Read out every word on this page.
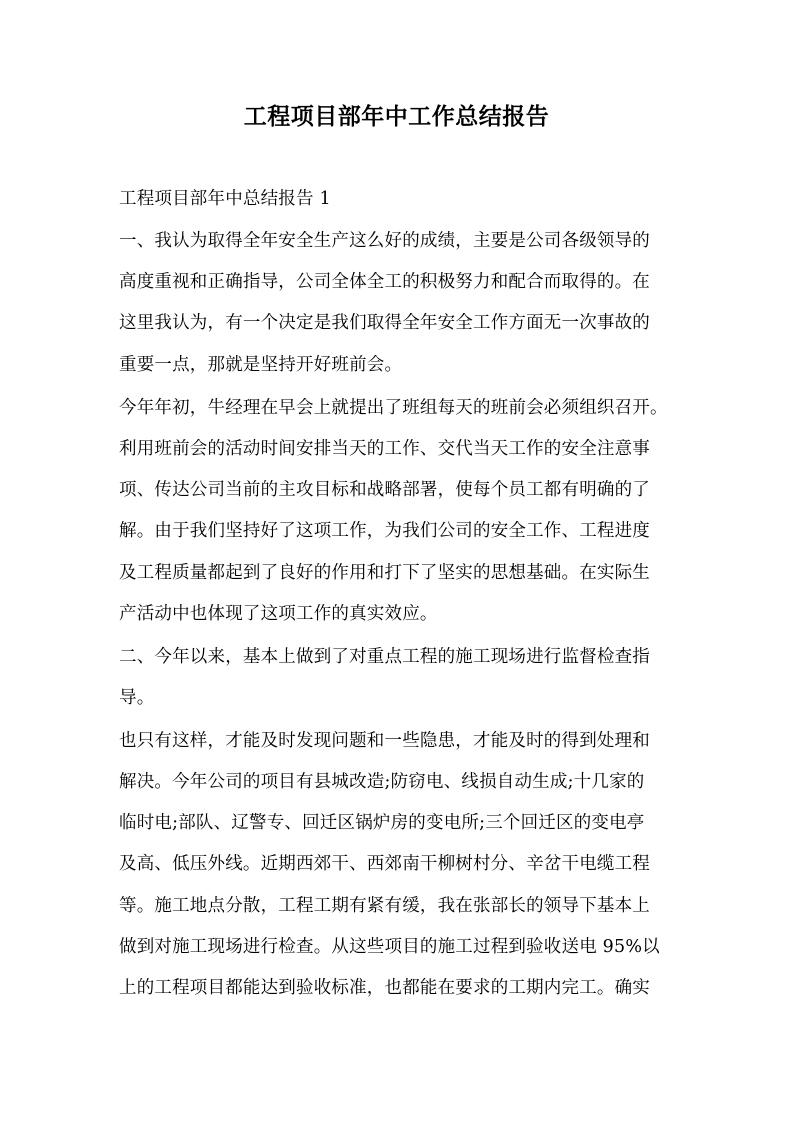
工程项目部年中工作总结报告
工程项目部年中总结报告 1
一、我认为取得全年安全生产这么好的成绩，主要是公司各级领导的
高度重视和正确指导，公司全体全工的积极努力和配合而取得的。在
这里我认为，有一个决定是我们取得全年安全工作方面无一次事故的
重要一点，那就是坚持开好班前会。
今年年初，牛经理在早会上就提出了班组每天的班前会必须组织召开。
利用班前会的活动时间安排当天的工作、交代当天工作的安全注意事
项、传达公司当前的主攻目标和战略部署，使每个员工都有明确的了
解。由于我们坚持好了这项工作，为我们公司的安全工作、工程进度
及工程质量都起到了良好的作用和打下了坚实的思想基础。在实际生
产活动中也体现了这项工作的真实效应。
二、今年以来，基本上做到了对重点工程的施工现场进行监督检查指
导。
也只有这样，才能及时发现问题和一些隐患，才能及时的得到处理和
解决。今年公司的项目有县城改造;防窃电、线损自动生成;十几家的
临时电;部队、辽警专、回迁区锅炉房的变电所;三个回迁区的变电亭
及高、低压外线。近期西郊干、西郊南干柳树村分、辛岔干电缆工程
等。施工地点分散，工程工期有紧有缓，我在张部长的领导下基本上
做到对施工现场进行检查。从这些项目的施工过程到验收送电 95%以
上的工程项目都能达到验收标准，也都能在要求的工期内完工。确实
